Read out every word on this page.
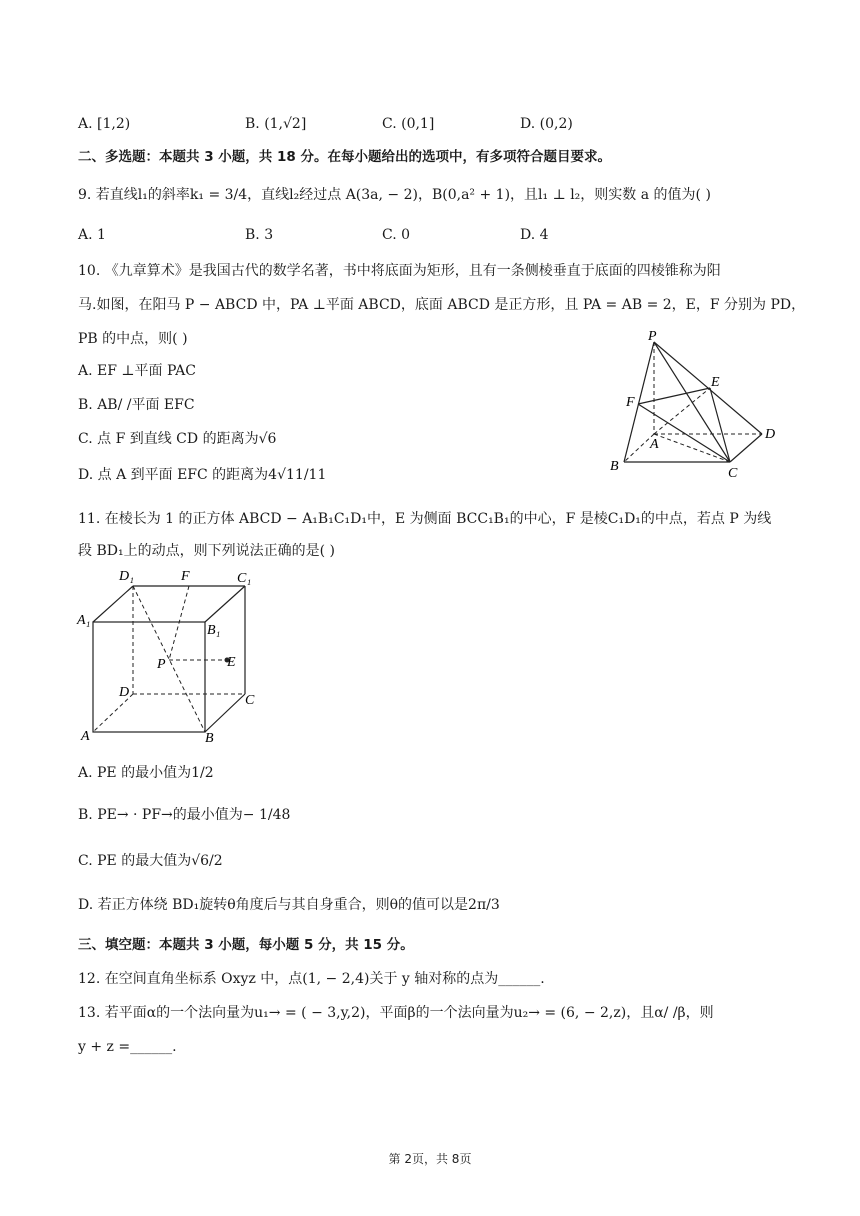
A. [1,2)	B. (1,√2]	C. (0,1]	D. (0,2)
二、多选题：本题共 3 小题，共 18 分。在每小题给出的选项中，有多项符合题目要求。
9. 若直线l₁的斜率k₁ = 3/4，直线l₂经过点 A(3a, − 2)，B(0,a² + 1)，且l₁ ⊥ l₂，则实数 a 的值为( )
A. 1	B. 3	C. 0	D. 4
10. 《九章算术》是我国古代的数学名著，书中将底面为矩形，且有一条侧棱垂直于底面的四棱锥称为阳
马.如图，在阳马 P − ABCD 中，PA ⊥平面 ABCD，底面 ABCD 是正方形，且 PA = AB = 2，E，F 分别为 PD，
PB 的中点，则( )
A. EF ⊥平面 PAC
B. AB/ /平面 EFC
C. 点 F 到直线 CD 的距离为√6
D. 点 A 到平面 EFC 的距离为4√11/11
P
E
F
A
D
B	C
11. 在棱长为 1 的正方体 ABCD − A₁B₁C₁D₁中，E 为侧面 BCC₁B₁的中心，F 是棱C₁D₁的中点，若点 P 为线
段 BD₁上的动点，则下列说法正确的是( )
D₁	F	C₁
A₁
B₁
P	E
D
C
A	B
A. PE 的最小值为1/2
B. PE→ · PF→的最小值为− 1/48
C. PE 的最大值为√6/2
D. 若正方体绕 BD₁旋转θ角度后与其自身重合，则θ的值可以是2π/3
三、填空题：本题共 3 小题，每小题 5 分，共 15 分。
12. 在空间直角坐标系 Oxyz 中，点(1, − 2,4)关于 y 轴对称的点为______.
13. 若平面α的一个法向量为u₁→ = ( − 3,y,2)，平面β的一个法向量为u₂→ = (6, − 2,z)，且α/ /β，则
y + z =______.
第 2页，共 8页
